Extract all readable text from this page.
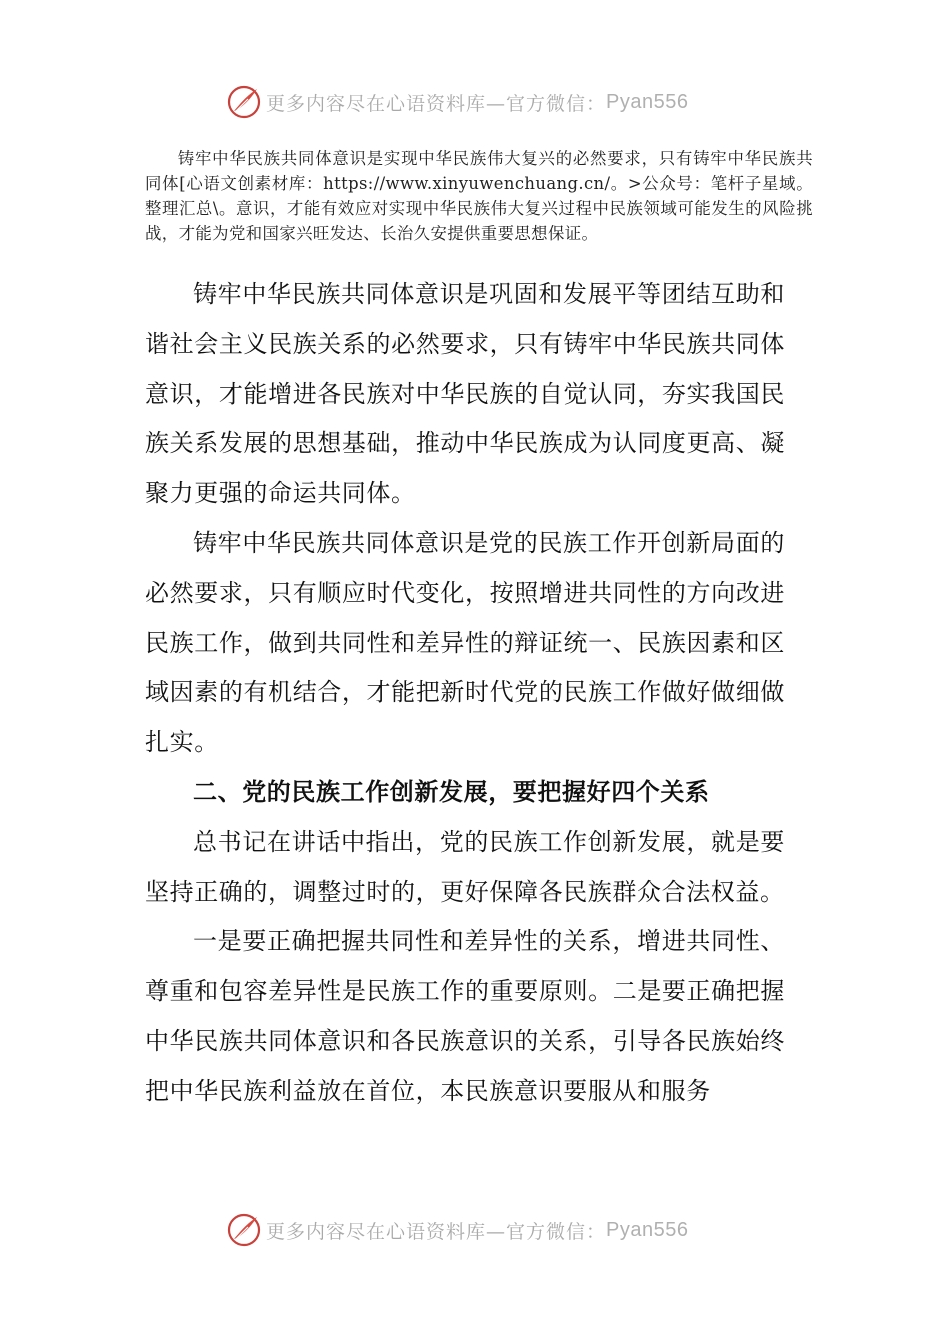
更多内容尽在心语资料库—官方微信： Pyan556

铸牢中华民族共同体意识是实现中华民族伟大复兴的必然要求，只有铸牢中华民族共同体[心语文创素材库：https://www.xinyuwenchuang.cn/。>公众号：笔杆子星域。整理汇总\。意识，才能有效应对实现中华民族伟大复兴过程中民族领域可能发生的风险挑战，才能为党和国家兴旺发达、长治久安提供重要思想保证。

铸牢中华民族共同体意识是巩固和发展平等团结互助和谐社会主义民族关系的必然要求，只有铸牢中华民族共同体意识，才能增进各民族对中华民族的自觉认同，夯实我国民族关系发展的思想基础，推动中华民族成为认同度更高、凝聚力更强的命运共同体。

铸牢中华民族共同体意识是党的民族工作开创新局面的必然要求，只有顺应时代变化，按照增进共同性的方向改进民族工作，做到共同性和差异性的辩证统一、民族因素和区域因素的有机结合，才能把新时代党的民族工作做好做细做扎实。

二、党的民族工作创新发展，要把握好四个关系

总书记在讲话中指出，党的民族工作创新发展，就是要坚持正确的，调整过时的，更好保障各民族群众合法权益。

一是要正确把握共同性和差异性的关系，增进共同性、尊重和包容差异性是民族工作的重要原则。二是要正确把握中华民族共同体意识和各民族意识的关系，引导各民族始终把中华民族利益放在首位，本民族意识要服从和服务

更多内容尽在心语资料库—官方微信： Pyan556
